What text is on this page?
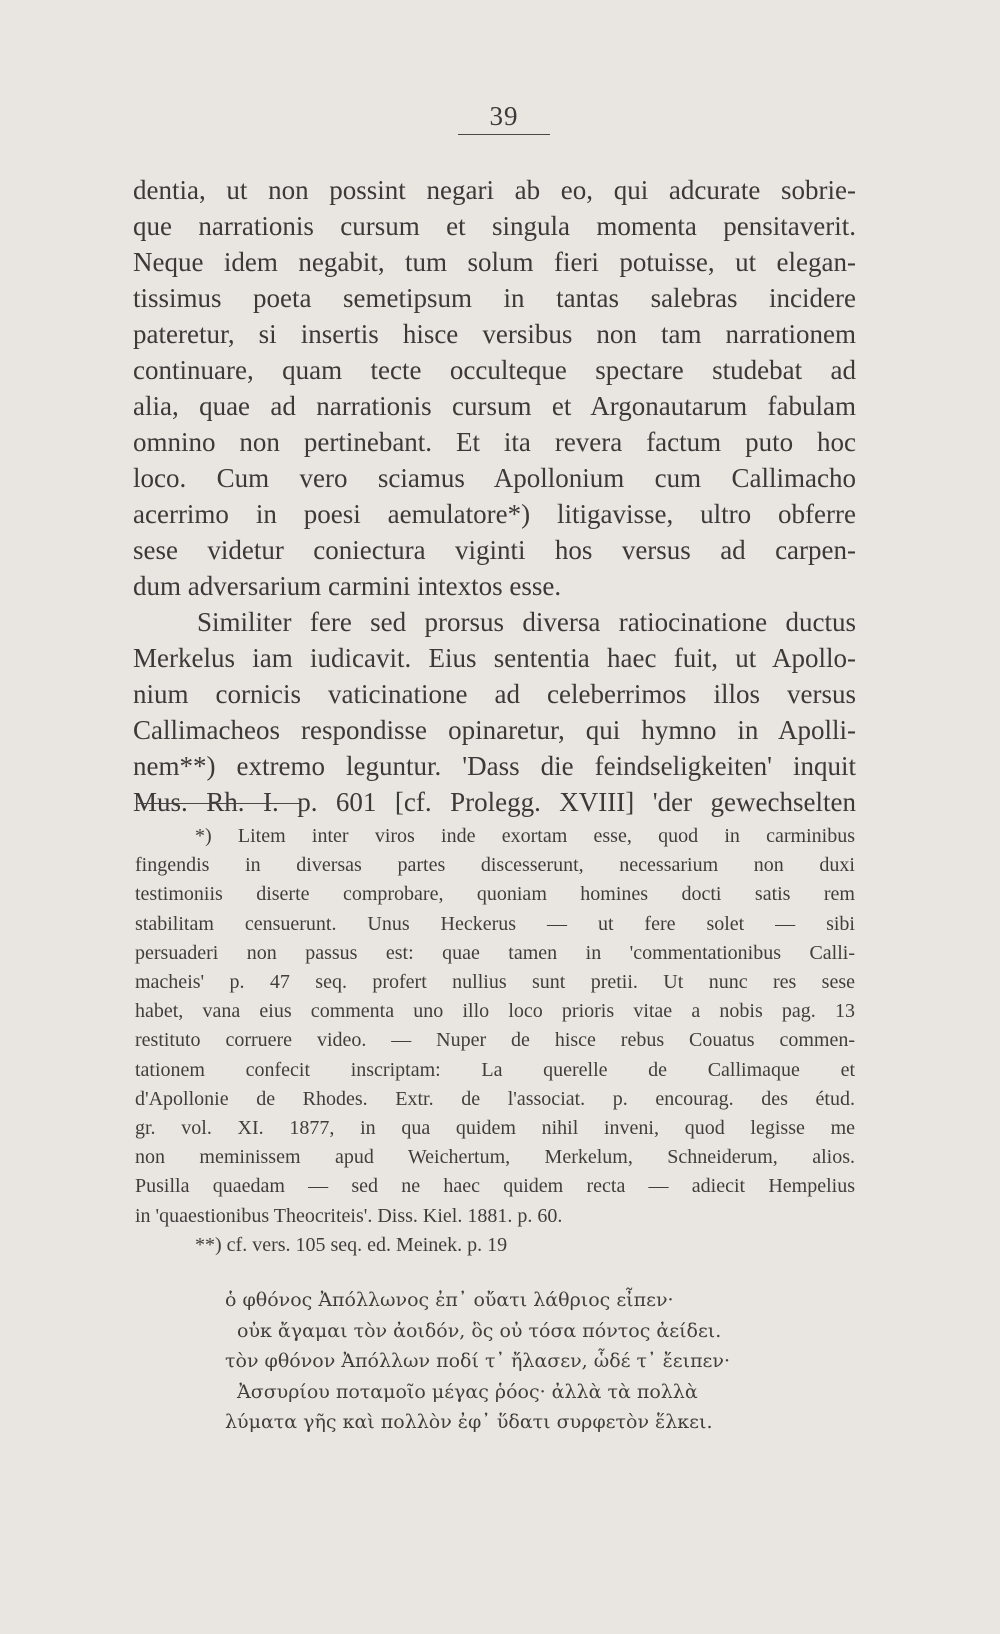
39
dentia, ut non possint negari ab eo, qui adcurate sobrie-
que narrationis cursum et singula momenta pensitaverit.
Neque idem negabit, tum solum fieri potuisse, ut elegan-
tissimus poeta semetipsum in tantas salebras incidere
pateretur, si insertis hisce versibus non tam narrationem
continuare, quam tecte occulteque spectare studebat ad
alia, quae ad narrationis cursum et Argonautarum fabulam
omnino non pertinebant. Et ita revera factum puto hoc
loco. Cum vero sciamus Apollonium cum Callimacho
acerrimo in poesi aemulatore*) litigavisse, ultro obferre
sese videtur coniectura viginti hos versus ad carpen-
dum adversarium carmini intextos esse.
Similiter fere sed prorsus diversa ratiocinatione ductus
Merkelus iam iudicavit. Eius sententia haec fuit, ut Apollo-
nium cornicis vaticinatione ad celeberrimos illos versus
Callimacheos respondisse opinaretur, qui hymno in Apolli-
nem**) extremo leguntur. 'Dass die feindseligkeiten' inquit
Mus. Rh. I. p. 601 [cf. Prolegg. XVIII] 'der gewechselten
*) Litem inter viros inde exortam esse, quod in carminibus
fingendis in diversas partes discesserunt, necessarium non duxi
testimoniis diserte comprobare, quoniam homines docti satis rem
stabilitam censuerunt. Unus Heckerus — ut fere solet — sibi
persuaderi non passus est: quae tamen in 'commentationibus Calli-
macheis' p. 47 seq. profert nullius sunt pretii. Ut nunc res sese
habet, vana eius commenta uno illo loco prioris vitae a nobis pag. 13
restituto corruere video. — Nuper de hisce rebus Couatus commen-
tationem confecit inscriptam: La querelle de Callimaque et
d'Apollonie de Rhodes. Extr. de l'associat. p. encourag. des étud.
gr. vol. XI. 1877, in qua quidem nihil inveni, quod legisse me
non meminissem apud Weichertum, Merkelum, Schneiderum, alios.
Pusilla quaedam — sed ne haec quidem recta — adiecit Hempelius
in 'quaestionibus Theocriteis'. Diss. Kiel. 1881. p. 60.
**) cf. vers. 105 seq. ed. Meinek. p. 19
ὁ φθόνος Ἀπόλλωνος ἐπ᾽ οὔατι λάθριος εἶπεν·
οὐκ ἄγαμαι τὸν ἀοιδόν, ὃς οὐ τόσα πόντος ἀείδει.
τὸν φθόνον Ἀπόλλων ποδί τ᾽ ἤλασεν, ὧδέ τ᾽ ἔειπεν·
Ἀσσυρίου ποταμοῖο μέγας ῥόος· ἀλλὰ τὰ πολλὰ
λύματα γῆς καὶ πολλὸν ἐφ᾽ ὕδατι συρφετὸν ἕλκει.
